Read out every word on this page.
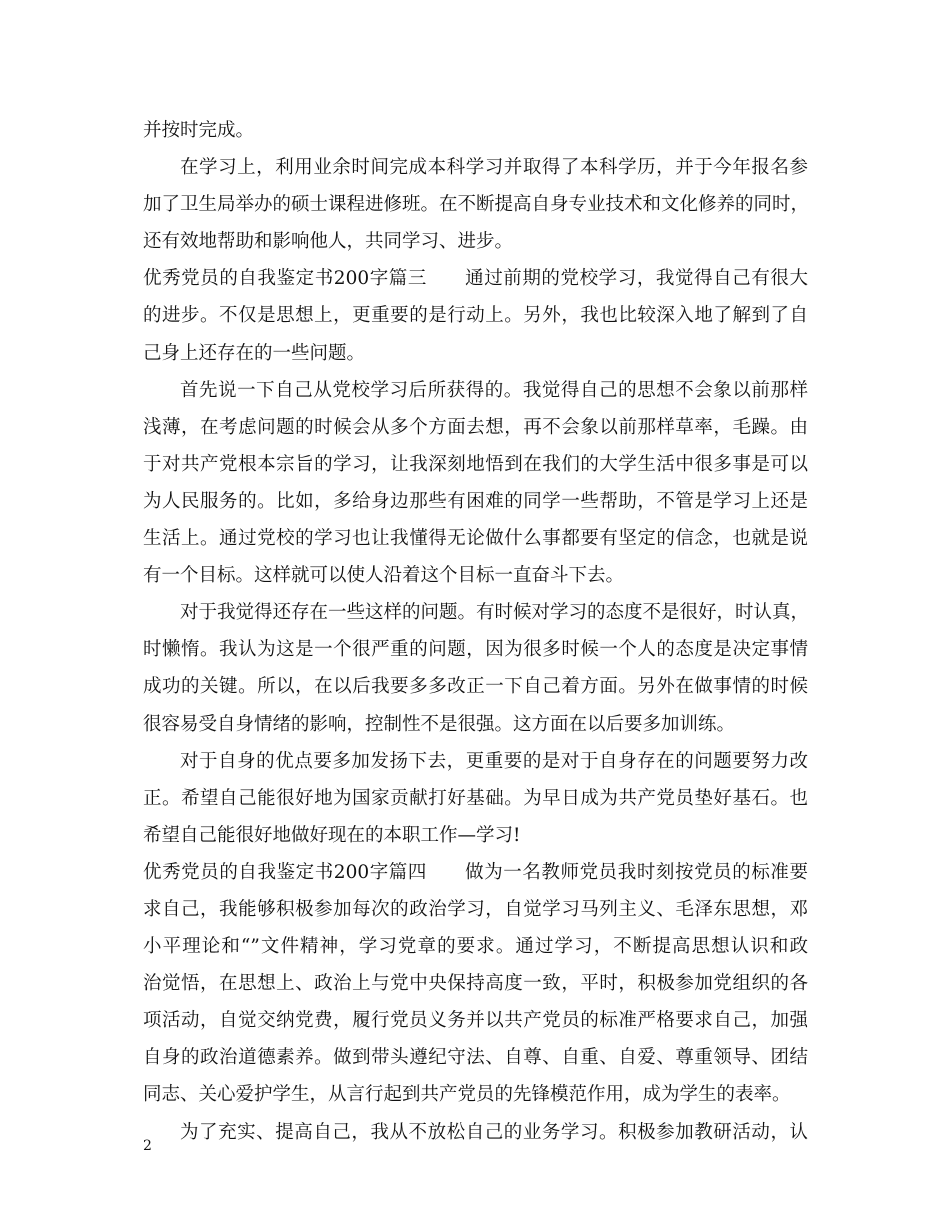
并按时完成。
在学习上，利用业余时间完成本科学习并取得了本科学历，并于今年报名参
加了卫生局举办的硕士课程进修班。在不断提高自身专业技术和文化修养的同时，
还有效地帮助和影响他人，共同学习、进步。
优秀党员的自我鉴定书200字篇三　　通过前期的党校学习，我觉得自己有很大
的进步。不仅是思想上，更重要的是行动上。另外，我也比较深入地了解到了自
己身上还存在的一些问题。
首先说一下自己从党校学习后所获得的。我觉得自己的思想不会象以前那样
浅薄，在考虑问题的时候会从多个方面去想，再不会象以前那样草率，毛躁。由
于对共产党根本宗旨的学习，让我深刻地悟到在我们的大学生活中很多事是可以
为人民服务的。比如，多给身边那些有困难的同学一些帮助，不管是学习上还是
生活上。通过党校的学习也让我懂得无论做什么事都要有坚定的信念，也就是说
有一个目标。这样就可以使人沿着这个目标一直奋斗下去。
对于我觉得还存在一些这样的问题。有时候对学习的态度不是很好，时认真，
时懒惰。我认为这是一个很严重的问题，因为很多时候一个人的态度是决定事情
成功的关键。所以，在以后我要多多改正一下自己着方面。另外在做事情的时候
很容易受自身情绪的影响，控制性不是很强。这方面在以后要多加训练。
对于自身的优点要多加发扬下去，更重要的是对于自身存在的问题要努力改
正。希望自己能很好地为国家贡献打好基础。为早日成为共产党员垫好基石。也
希望自己能很好地做好现在的本职工作—学习!
优秀党员的自我鉴定书200字篇四　　做为一名教师党员我时刻按党员的标准要
求自己，我能够积极参加每次的政治学习，自觉学习马列主义、毛泽东思想，邓
小平理论和“”文件精神，学习党章的要求。通过学习，不断提高思想认识和政
治觉悟，在思想上、政治上与党中央保持高度一致，平时，积极参加党组织的各
项活动，自觉交纳党费，履行党员义务并以共产党员的标准严格要求自己，加强
自身的政治道德素养。做到带头遵纪守法、自尊、自重、自爱、尊重领导、团结
同志、关心爱护学生，从言行起到共产党员的先锋模范作用，成为学生的表率。
为了充实、提高自己，我从不放松自己的业务学习。积极参加教研活动，认
2
